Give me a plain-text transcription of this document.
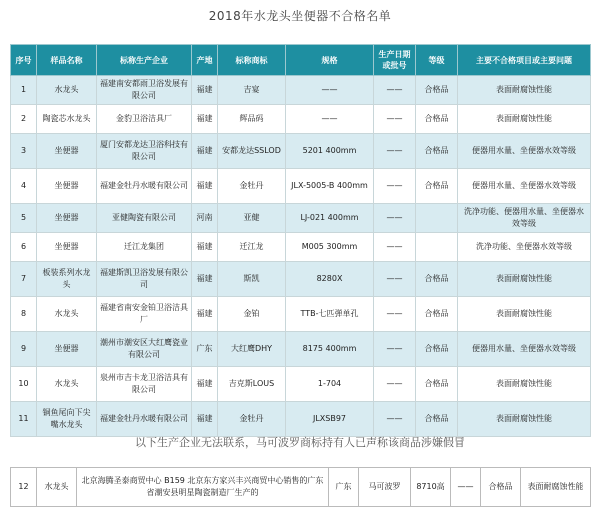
2018年水龙头坐便器不合格名单
序号	样品名称	标称生产企业	产地	标称商标	规格	生产日期或批号	等级	主要不合格项目或主要问题
1	水龙头	福建南安都雨卫浴发展有限公司	福建	吉宴	——	——	合格品	表面耐腐蚀性能
2	陶瓷芯水龙头	金豹卫浴洁具厂	福建	辉品码	——	——	合格品	表面耐腐蚀性能
3	坐便器	厦门安都龙达卫浴科技有限公司	福建	安都龙达SSLOD	5201 400mm	——	合格品	便器用水量、坐便器水效等级
4	坐便器	福建金牡丹水暖有限公司	福建	金牡丹	JLX-5005-B 400mm	——	合格品	便器用水量、坐便器水效等级
5	坐便器	亚健陶瓷有限公司	河南	亚健	LJ-021 400mm	——		洗净功能、便器用水量、坐便器水效等级
6	坐便器	迁江龙集团	福建	迁江龙	M005 300mm	——		洗净功能、坐便器水效等级
7	板装系列水龙头	福建斯凯卫浴发展有限公司	福建	斯凯	8280X	——	合格品	表面耐腐蚀性能
8	水龙头	福建省南安金铂卫浴洁具厂	福建	金铂	TTB-七匹弹单孔	——	合格品	表面耐腐蚀性能
9	坐便器	潮州市潮安区大红鹰瓷业有限公司	广东	大红鹰DHY	8175 400mm	——	合格品	便器用水量、坐便器水效等级
10	水龙头	泉州市吉卡龙卫浴洁具有限公司	福建	吉克斯LOUS	1-704	——	合格品	表面耐腐蚀性能
11	铜鱼尾向下尖嘴水龙头	福建金牡丹水暖有限公司	福建	金牡丹	JLXSB97	——	合格品	表面耐腐蚀性能
以下生产企业无法联系，马可波罗商标持有人已声称该商品涉嫌假冒
12	水龙头	北京海腾圣泰商贸中心 B159 北京东方家兴丰兴商贸中心销售的广东省潮安县明星陶瓷制造厂生产的	广东	马可波罗	8710高	——	合格品	表面耐腐蚀性能
